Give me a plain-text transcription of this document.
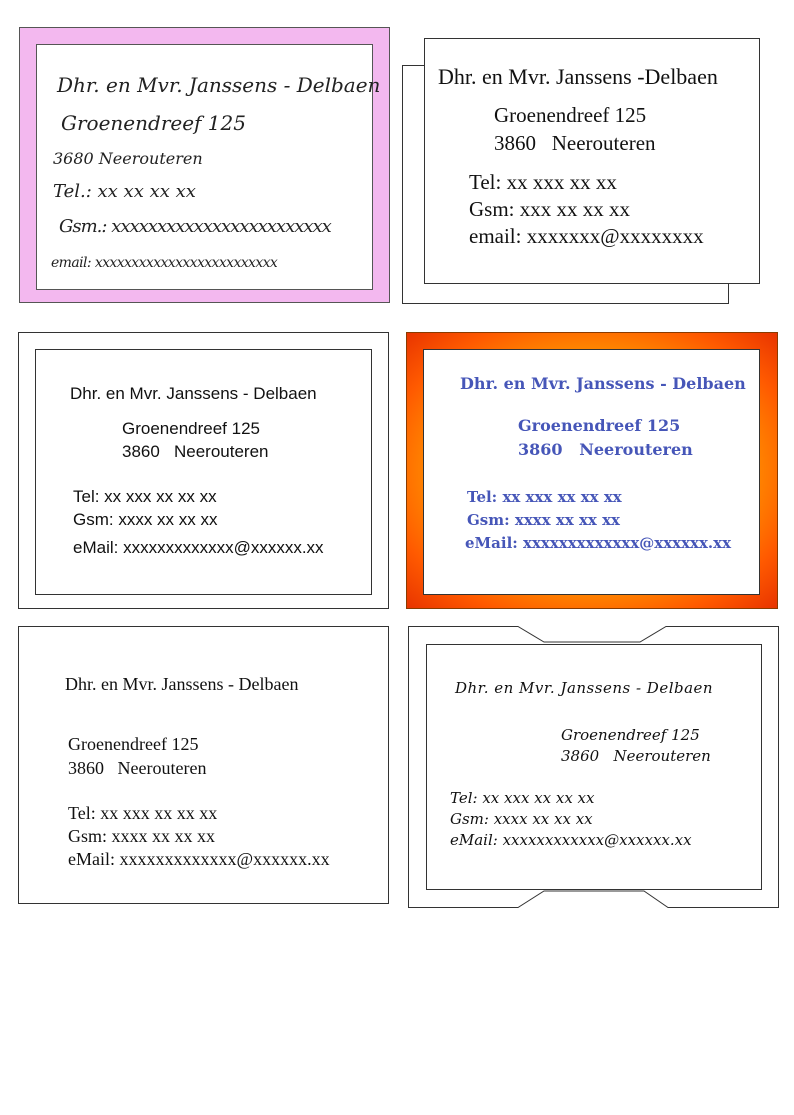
Dhr. en Mvr. Janssens - Delbaen
Groenendreef 125
3680 Neerouteren
Tel.: xx xx xx xx
Gsm.: xxxxxxxxxxxxxxxxxxxxxxxx
email: xxxxxxxxxxxxxxxxxxxxxxxxx
Dhr. en Mvr. Janssens -Delbaen
Groenendreef 125
3860   Neerouteren
Tel: xx xxx xx xx
Gsm: xxx xx xx xx
email: xxxxxxx@xxxxxxxx
Dhr. en Mvr. Janssens - Delbaen
Groenendreef 125
3860   Neerouteren
Tel: xx xxx xx xx xx
Gsm: xxxx xx xx xx
eMail: xxxxxxxxxxxxx@xxxxxx.xx
Dhr. en Mvr. Janssens - Delbaen
Groenendreef 125
3860   Neerouteren
Tel: xx xxx xx xx xx
Gsm: xxxx xx xx xx
eMail: xxxxxxxxxxxxx@xxxxxx.xx
Dhr. en Mvr. Janssens - Delbaen
Groenendreef 125
3860   Neerouteren
Tel: xx xxx xx xx xx
Gsm: xxxx xx xx xx
eMail: xxxxxxxxxxxxx@xxxxxx.xx
Dhr. en Mvr. Janssens - Delbaen
Groenendreef 125
3860   Neerouteren
Tel: xx xxx xx xx xx
Gsm: xxxx xx xx xx
eMail: xxxxxxxxxxxx@xxxxxx.xx
